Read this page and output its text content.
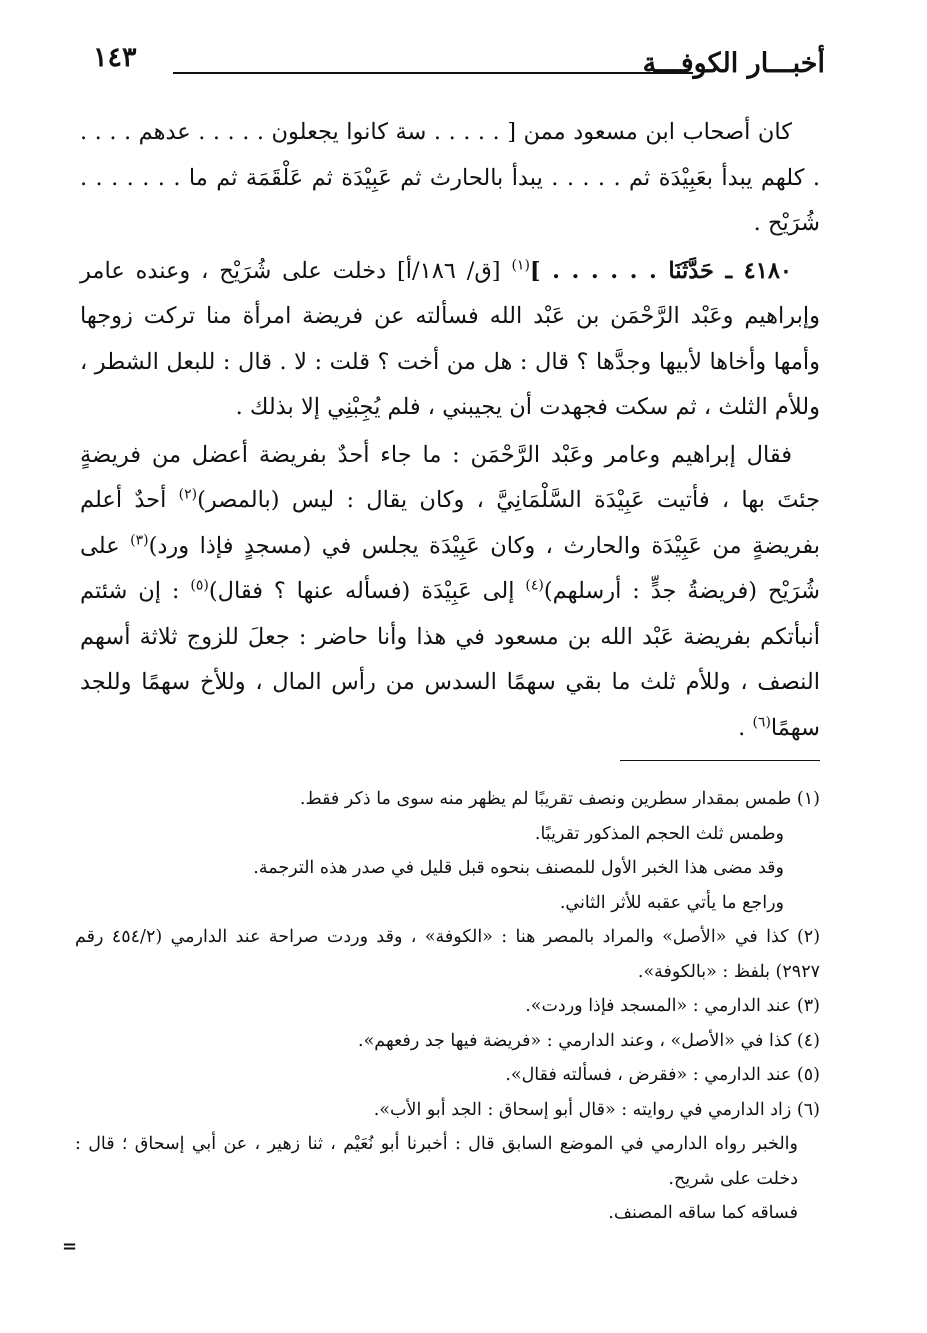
أخبـــار الكوفـــة
١٤٣

كان أصحاب ابن مسعود ممن [ . . . . . سة كانوا يجعلون . . . . . عدهم . . . . . كلهم يبدأ بعَبِيْدَة ثم . . . . . يبدأ بالحارث ثم عَبِيْدَة ثم عَلْقَمَة ثم ما . . . . . . . شُرَيْح .

٤١٨٠ ـ حَدَّثَنَا . . . . . . ]$^{(١)}$ [ق/ ١٨٦/أ] دخلت على شُرَيْح ، وعنده عامر وإبراهيم وعَبْد الرَّحْمَن بن عَبْد الله فسألته عن فريضة امرأة منا تركت زوجها وأمها وأخاها لأبيها وجدَّها ؟ قال : هل من أخت ؟ قلت : لا . قال : للبعل الشطر ، وللأم الثلث ، ثم سكت فجهدت أن يجيبني ، فلم يُجِبْنِي إلا بذلك .

فقال إبراهيم وعامر وعَبْد الرَّحْمَن : ما جاء أحدٌ بفريضة أعضل من فريضةٍ جئتَ بها ، فأتيت عَبِيْدَة السَّلْمَانِيَّ ، وكان يقال : ليس (بالمصر)$^{(٢)}$ أحدٌ أعلم بفريضةٍ من عَبِيْدَة والحارث ، وكان عَبِيْدَة يجلس في (مسجدٍ فإذا ورد)$^{(٣)}$ على شُرَيْح (فريضةُ جدٍّ : أرسلهم)$^{(٤)}$ إلى عَبِيْدَة (فسأله عنها ؟ فقال)$^{(٥)}$ : إن شئتم أنبأتكم بفريضة عَبْد الله بن مسعود في هذا وأنا حاضر : جعلَ للزوج ثلاثة أسهم النصف ، وللأم ثلث ما بقي سهمًا السدس من رأس المال ، وللأخ سهمًا وللجد سهمًا$^{(٦)}$ .

(١) طمس بمقدار سطرين ونصف تقريبًا لم يظهر منه سوى ما ذكر فقط.

وطمس ثلث الحجم المذكور تقريبًا.

وقد مضى هذا الخبر الأول للمصنف بنحوه قبل قليل في صدر هذه الترجمة.

وراجع ما يأتي عقبه للأثر الثاني.

(٢) كذا في «الأصل» والمراد بالمصر هنا : «الكوفة» ، وقد وردت صراحة عند الدارمي (٤٥٤/٢ رقم ٢٩٢٧) بلفظ : «بالكوفة».

(٣) عند الدارمي : «المسجد فإذا وردت».

(٤) كذا في «الأصل» ، وعند الدارمي : «فريضة فيها جد رفعهم».

(٥) عند الدارمي : «فقرض ، فسألته فقال».

(٦) زاد الدارمي في روايته : «قال أبو إسحاق : الجد أبو الأب».

والخبر رواه الدارمي في الموضع السابق قال : أخبرنا أبو نُعَيْم ، ثنا زهير ، عن أبي إسحاق ؛ قال : دخلت على شريح.

فساقه كما ساقه المصنف.

=
